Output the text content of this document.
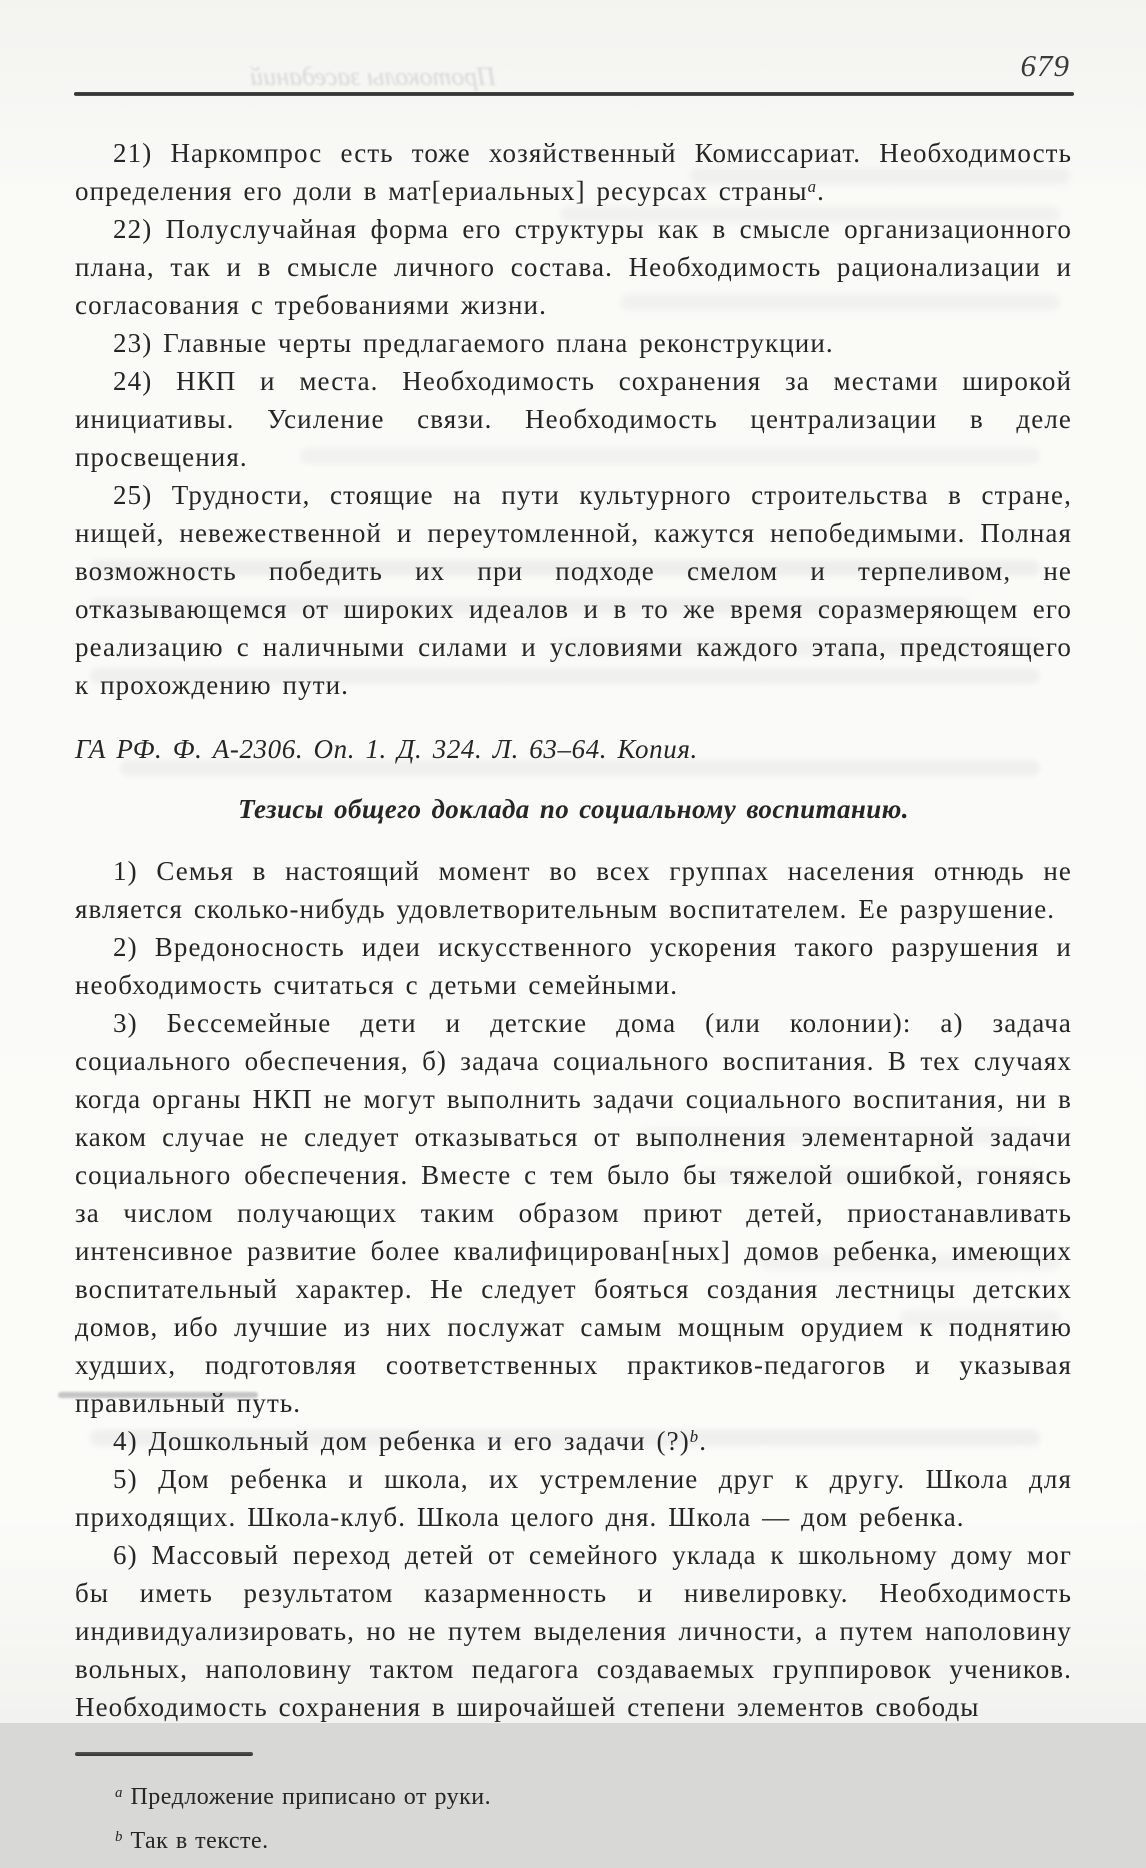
Протоколы заседаний	679

21) Наркомпрос есть тоже хозяйственный Комиссариат. Необходимость определения его доли в мат[ериальных] ресурсах страны$^a$.

22) Полуслучайная форма его структуры как в смысле организационного плана, так и в смысле личного состава. Необходимость рационализации и согласования с требованиями жизни.

23) Главные черты предлагаемого плана реконструкции.

24) НКП и места. Необходимость сохранения за местами широкой инициативы. Усиление связи. Необходимость централизации в деле просвещения.

25) Трудности, стоящие на пути культурного строительства в стране, нищей, невежественной и переутомленной, кажутся непобедимыми. Полная возможность победить их при подходе смелом и терпеливом, не отказывающемся от широких идеалов и в то же время соразмеряющем его реализацию с наличными силами и условиями каждого этапа, предстоящего к прохождению пути.

ГА РФ. Ф. А-2306. Оп. 1. Д. 324. Л. 63–64. Копия.

Тезисы общего доклада по социальному воспитанию.

1) Семья в настоящий момент во всех группах населения отнюдь не является сколько-нибудь удовлетворительным воспитателем. Ее разрушение.

2) Вредоносность идеи искусственного ускорения такого разрушения и необходимость считаться с детьми семейными.

3) Бессемейные дети и детские дома (или колонии): а) задача социального обеспечения, б) задача социального воспитания. В тех случаях когда органы НКП не могут выполнить задачи социального воспитания, ни в каком случае не следует отказываться от выполнения элементарной задачи социального обеспечения. Вместе с тем было бы тяжелой ошибкой, гоняясь за числом получающих таким образом приют детей, приостанавливать интенсивное развитие более квалифицирован[ных] домов ребенка, имеющих воспитательный характер. Не следует бояться создания лестницы детских домов, ибо лучшие из них послужат самым мощным орудием к поднятию худших, подготовляя соответственных практиков-педагогов и указывая правильный путь.

4) Дошкольный дом ребенка и его задачи (?)$^b$.

5) Дом ребенка и школа, их устремление друг к другу. Школа для приходящих. Школа-клуб. Школа целого дня. Школа — дом ребенка.

6) Массовый переход детей от семейного уклада к школьному дому мог бы иметь результатом казарменность и нивелировку. Необходимость индивидуализировать, но не путем выделения личности, а путем наполовину вольных, наполовину тактом педагога создаваемых группировок учеников. Необходимость сохранения в широчайшей степени элементов свободы

$^a$ Предложение приписано от руки.

$^b$ Так в тексте.
